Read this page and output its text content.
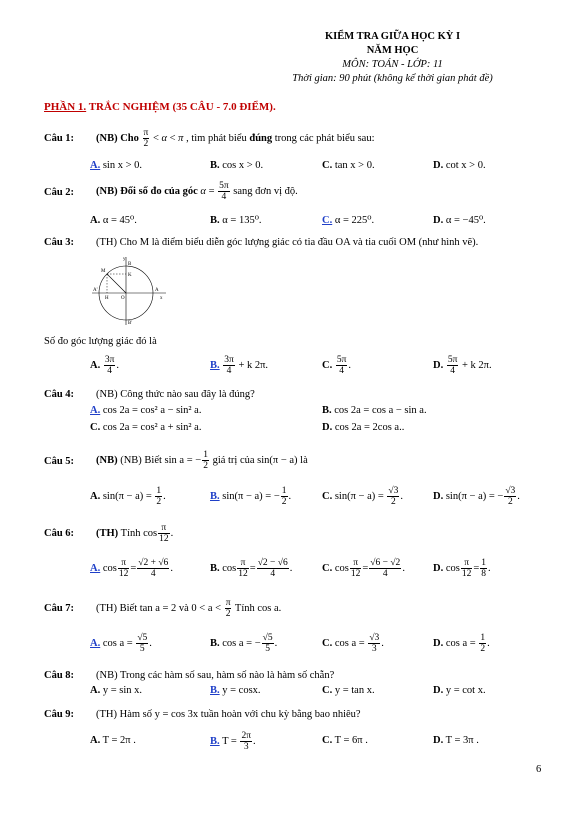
KIỂM TRA GIỮA HỌC KỲ I
NĂM HỌC
MÔN: TOÁN - LỚP: 11
Thời gian: 90 phút (không kể thời gian phát đề)
PHẦN 1. TRẮC NGHIỆM (35 CÂU - 7.0 ĐIỂM).
Câu 1: (NB) Cho $\frac{\pi}{2} < \alpha < \pi$ , tìm phát biểu đúng trong các phát biểu sau:
A. sin x > 0.	B. cos x > 0.	C. tan x > 0.	D. cot x > 0.
Câu 2: (NB) Đổi số đo của góc $\alpha = \frac{5\pi}{4}$ sang đơn vị độ.
A. α = 45⁰.	B. α = 135⁰.	C. α = 225⁰.	D. α = −45⁰.
Câu 3: (TH) Cho M là điểm biểu diễn góc lượng giác có tia đầu OA và tia cuối OM (như hình vẽ).
y
B
K
M
A'
H O
A
x
B'
Số đo góc lượng giác đó là
A. $\frac{3\pi}{4}$ .	B. $\frac{3\pi}{4} + k$ 2π.	C. $\frac{5\pi}{4}$ .	D. $\frac{5\pi}{4} + k$ 2π.
Câu 4: (NB) Công thức nào sau đây là đúng?
A. cos 2a = cos² a − sin² a.	B. cos 2a = cos a − sin a.
C. cos 2a = cos² a + sin² a.	D. cos 2a = 2cos a..
Câu 5: (NB) (NB) Biết sin a = − $\frac{1}{2}$ giá trị của sin(π − a) là
A. $\sin(\pi - a) = \frac{1}{2}$ .	B. sin(π − a) = − $\frac{1}{2}$ .	C. $\sin(\pi - a) = \frac{√3}{2}$ .	D. sin(π − a) = − $\frac{√3}{2}$ .
Câu 6: (TH) Tính $\cos \frac{\pi}{12}$ .
A. $\cos \frac{\pi}{12} = \frac{√2 + √6}{4}$ .	B. $\cos \frac{\pi}{12} = \frac{√2 - √6}{4}$ .	C. $\cos \frac{\pi}{12} = \frac{√6 - √2}{4}$ .	D. $\cos \frac{\pi}{12} = \frac{1}{8}$ .
Câu 7: (TH) Biết tan a = 2 và $0 < a < \frac{\pi}{2}$ Tính cos a.
A. $\cos a = \frac{√5}{5}$ .	B. cos a = − $\frac{√5}{5}$ .	C. $\cos a = \frac{√3}{3}$ .	D. $\cos a = \frac{1}{2}$ .
Câu 8: (NB) Trong các hàm số sau, hàm số nào là hàm số chẵn?
A. y = sin x.	B. y = cosx.	C. y = tan x.	D. y = cot x.
Câu 9: (TH) Hàm số y = cos 3x tuần hoàn với chu kỳ bằng bao nhiêu?
A. T = 2π .	B. $T = \frac{2\pi}{3}$ .	C. T = 6π .	D. T = 3π .
6
